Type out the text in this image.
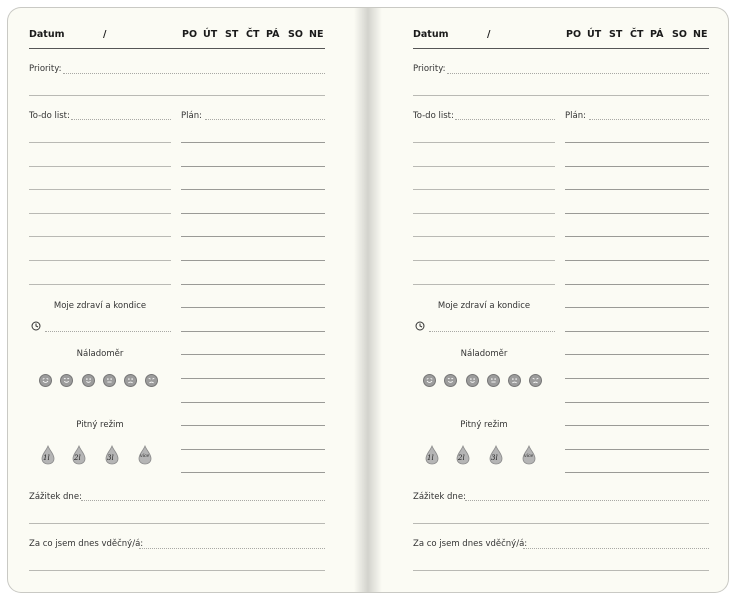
Datum	/	PO ÚT ST ČT PÁ SO NE
Priority:
To-do list:	Plán:
Moje zdraví a kondice
Náladoměr
Pitný režim
1l	2l	3l	více
Zážitek dne:
Za co jsem dnes vděčný/á:
Datum	/	PO ÚT ST ČT PÁ SO NE
Priority:
To-do list:	Plán:
Moje zdraví a kondice
Náladoměr
Pitný režim
1l	2l	3l	více
Zážitek dne:
Za co jsem dnes vděčný/á:
